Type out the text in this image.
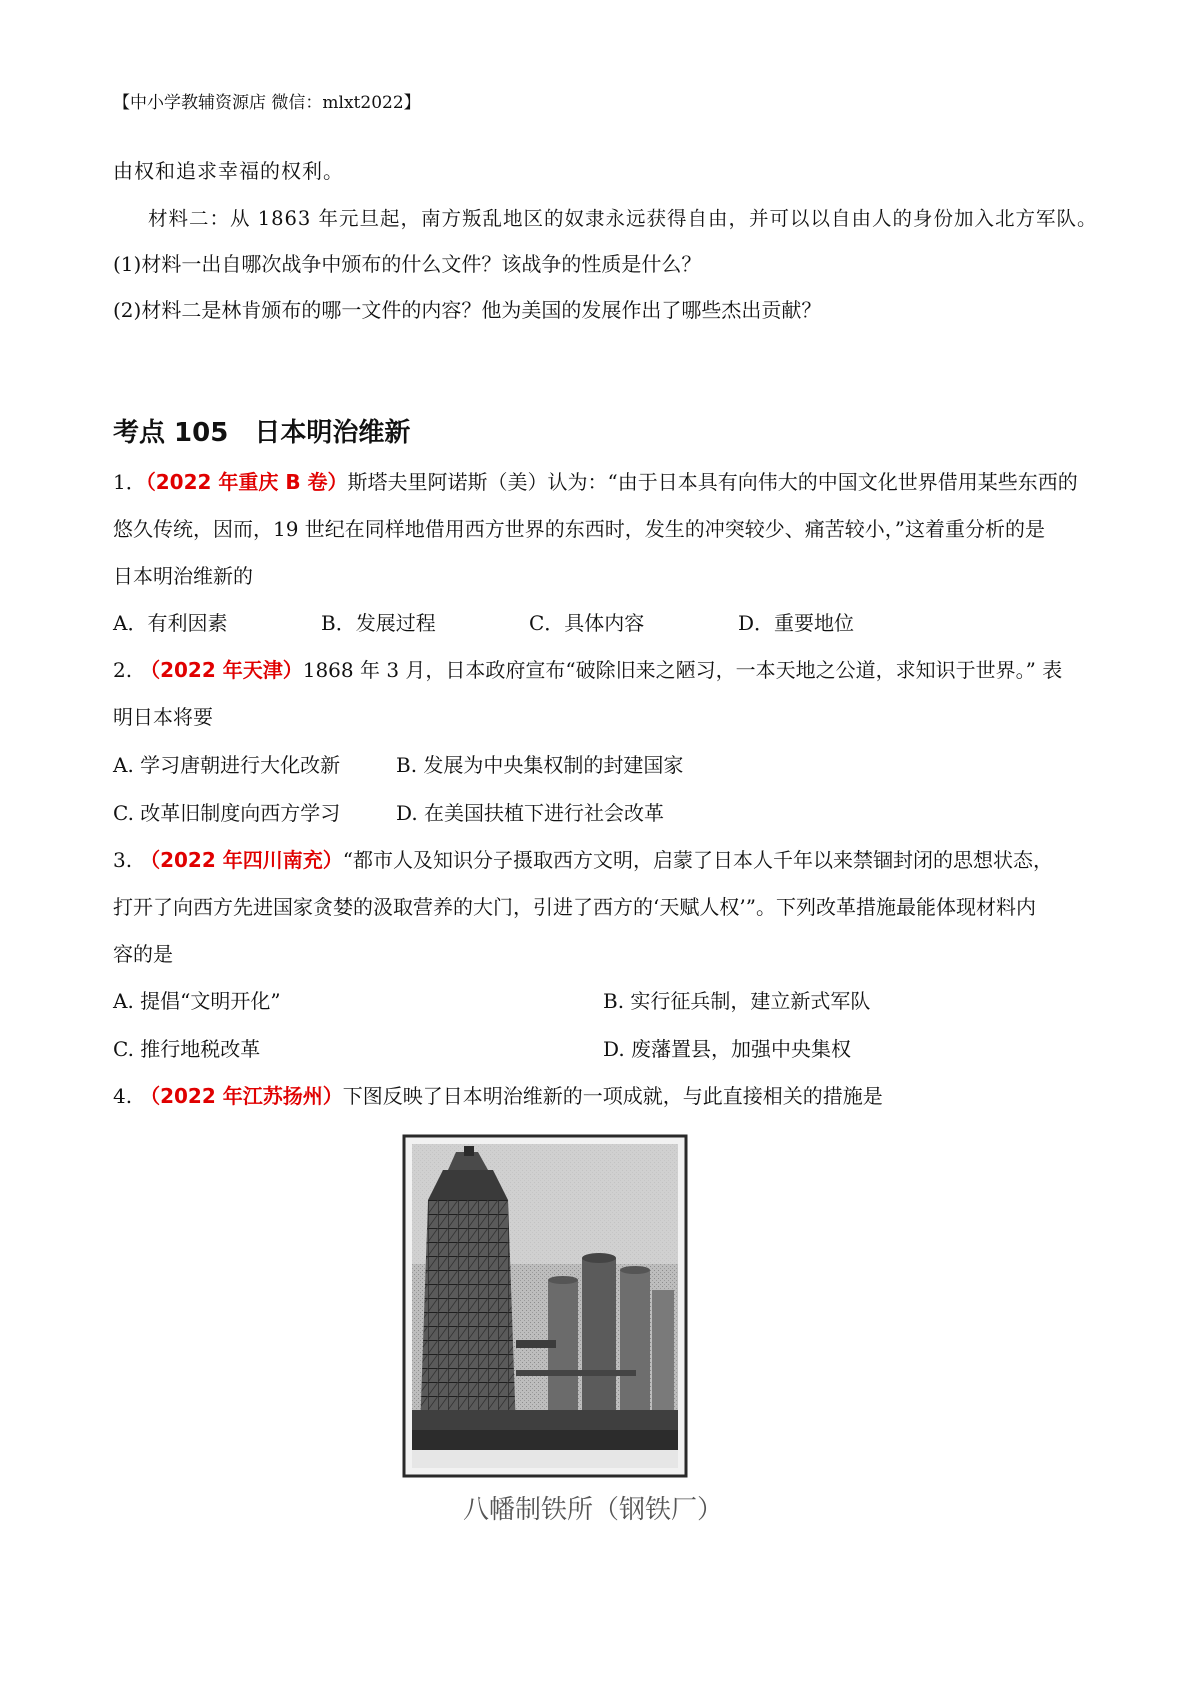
【中小学教辅资源店 微信：mlxt2022】
由权和追求幸福的权利。
材料二：从 1863 年元旦起，南方叛乱地区的奴隶永远获得自由，并可以以自由人的身份加入北方军队。
(1)材料一出自哪次战争中颁布的什么文件？该战争的性质是什么？
(2)材料二是林肯颁布的哪一文件的内容？他为美国的发展作出了哪些杰出贡献？
考点 105 日本明治维新
1．（2022 年重庆 B 卷）斯塔夫里阿诺斯（美）认为：“由于日本具有向伟大的中国文化世界借用某些东西的
悠久传统，因而，19 世纪在同样地借用西方世界的东西时，发生的冲突较少、痛苦较小，”这着重分析的是
日本明治维新的
A．有利因素	B．发展过程	C．具体内容	D．重要地位
2. （2022 年天津）1868 年 3 月，日本政府宣布“破除旧来之陋习，一本天地之公道，求知识于世界。” 表
明日本将要
A. 学习唐朝进行大化改新	B. 发展为中央集权制的封建国家
C. 改革旧制度向西方学习	D. 在美国扶植下进行社会改革
3. （2022 年四川南充）“都市人及知识分子摄取西方文明，启蒙了日本人千年以来禁锢封闭的思想状态，
打开了向西方先进国家贪婪的汲取营养的大门，引进了西方的‘天赋人权’”。下列改革措施最能体现材料内
容的是
A. 提倡“文明开化”	B. 实行征兵制，建立新式军队
C. 推行地税改革	D. 废藩置县，加强中央集权
4. （2022 年江苏扬州）下图反映了日本明治维新的一项成就，与此直接相关的措施是
八幡制铁所（钢铁厂）
